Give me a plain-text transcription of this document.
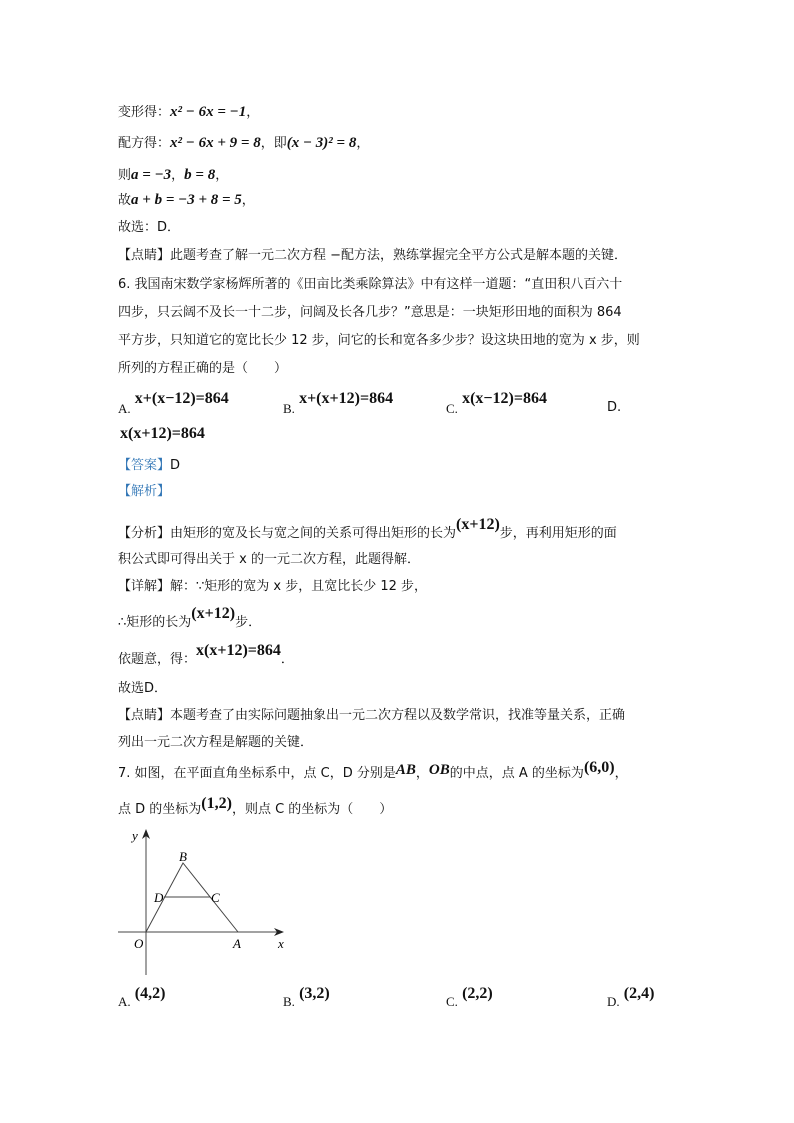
变形得：x² − 6x = −1，
配方得：x² − 6x + 9 = 8，即(x − 3)² = 8，
则a = −3，b = 8，
故a + b = −3 + 8 = 5，
故选：D．
【点睛】此题考查了解一元二次方程 −配方法，熟练掌握完全平方公式是解本题的关键．
6. 我国南宋数学家杨辉所著的《田亩比类乘除算法》中有这样一道题：“直田积八百六十
四步，只云阔不及长一十二步，问阔及长各几步？”意思是：一块矩形田地的面积为 864
平方步，只知道它的宽比长少 12 步，问它的长和宽各多少步？设这块田地的宽为 x 步，则
所列的方程正确的是（　　）
A. x+(x−12)=864
B. x+(x+12)=864
C. x(x−12)=864
D.
x(x+12)=864
【答案】D
【解析】
【分析】由矩形的宽及长与宽之间的关系可得出矩形的长为(x+12)步，再利用矩形的面
积公式即可得出关于 x 的一元二次方程，此题得解．
【详解】解：∵矩形的宽为 x 步，且宽比长少 12 步，
∴矩形的长为(x+12)步．
依题意，得：x(x+12)=864．
故选D．
【点睛】本题考查了由实际问题抽象出一元二次方程以及数学常识，找准等量关系，正确
列出一元二次方程是解题的关键．
7. 如图，在平面直角坐标系中，点 C，D 分别是AB，OB的中点，点 A 的坐标为(6,0)，
点 D 的坐标为(1,2)，则点 C 的坐标为（　　）
y
x
O	A
B
C
D
A. (4,2)	B. (3,2)	C. (2,2)	D. (2,4)
